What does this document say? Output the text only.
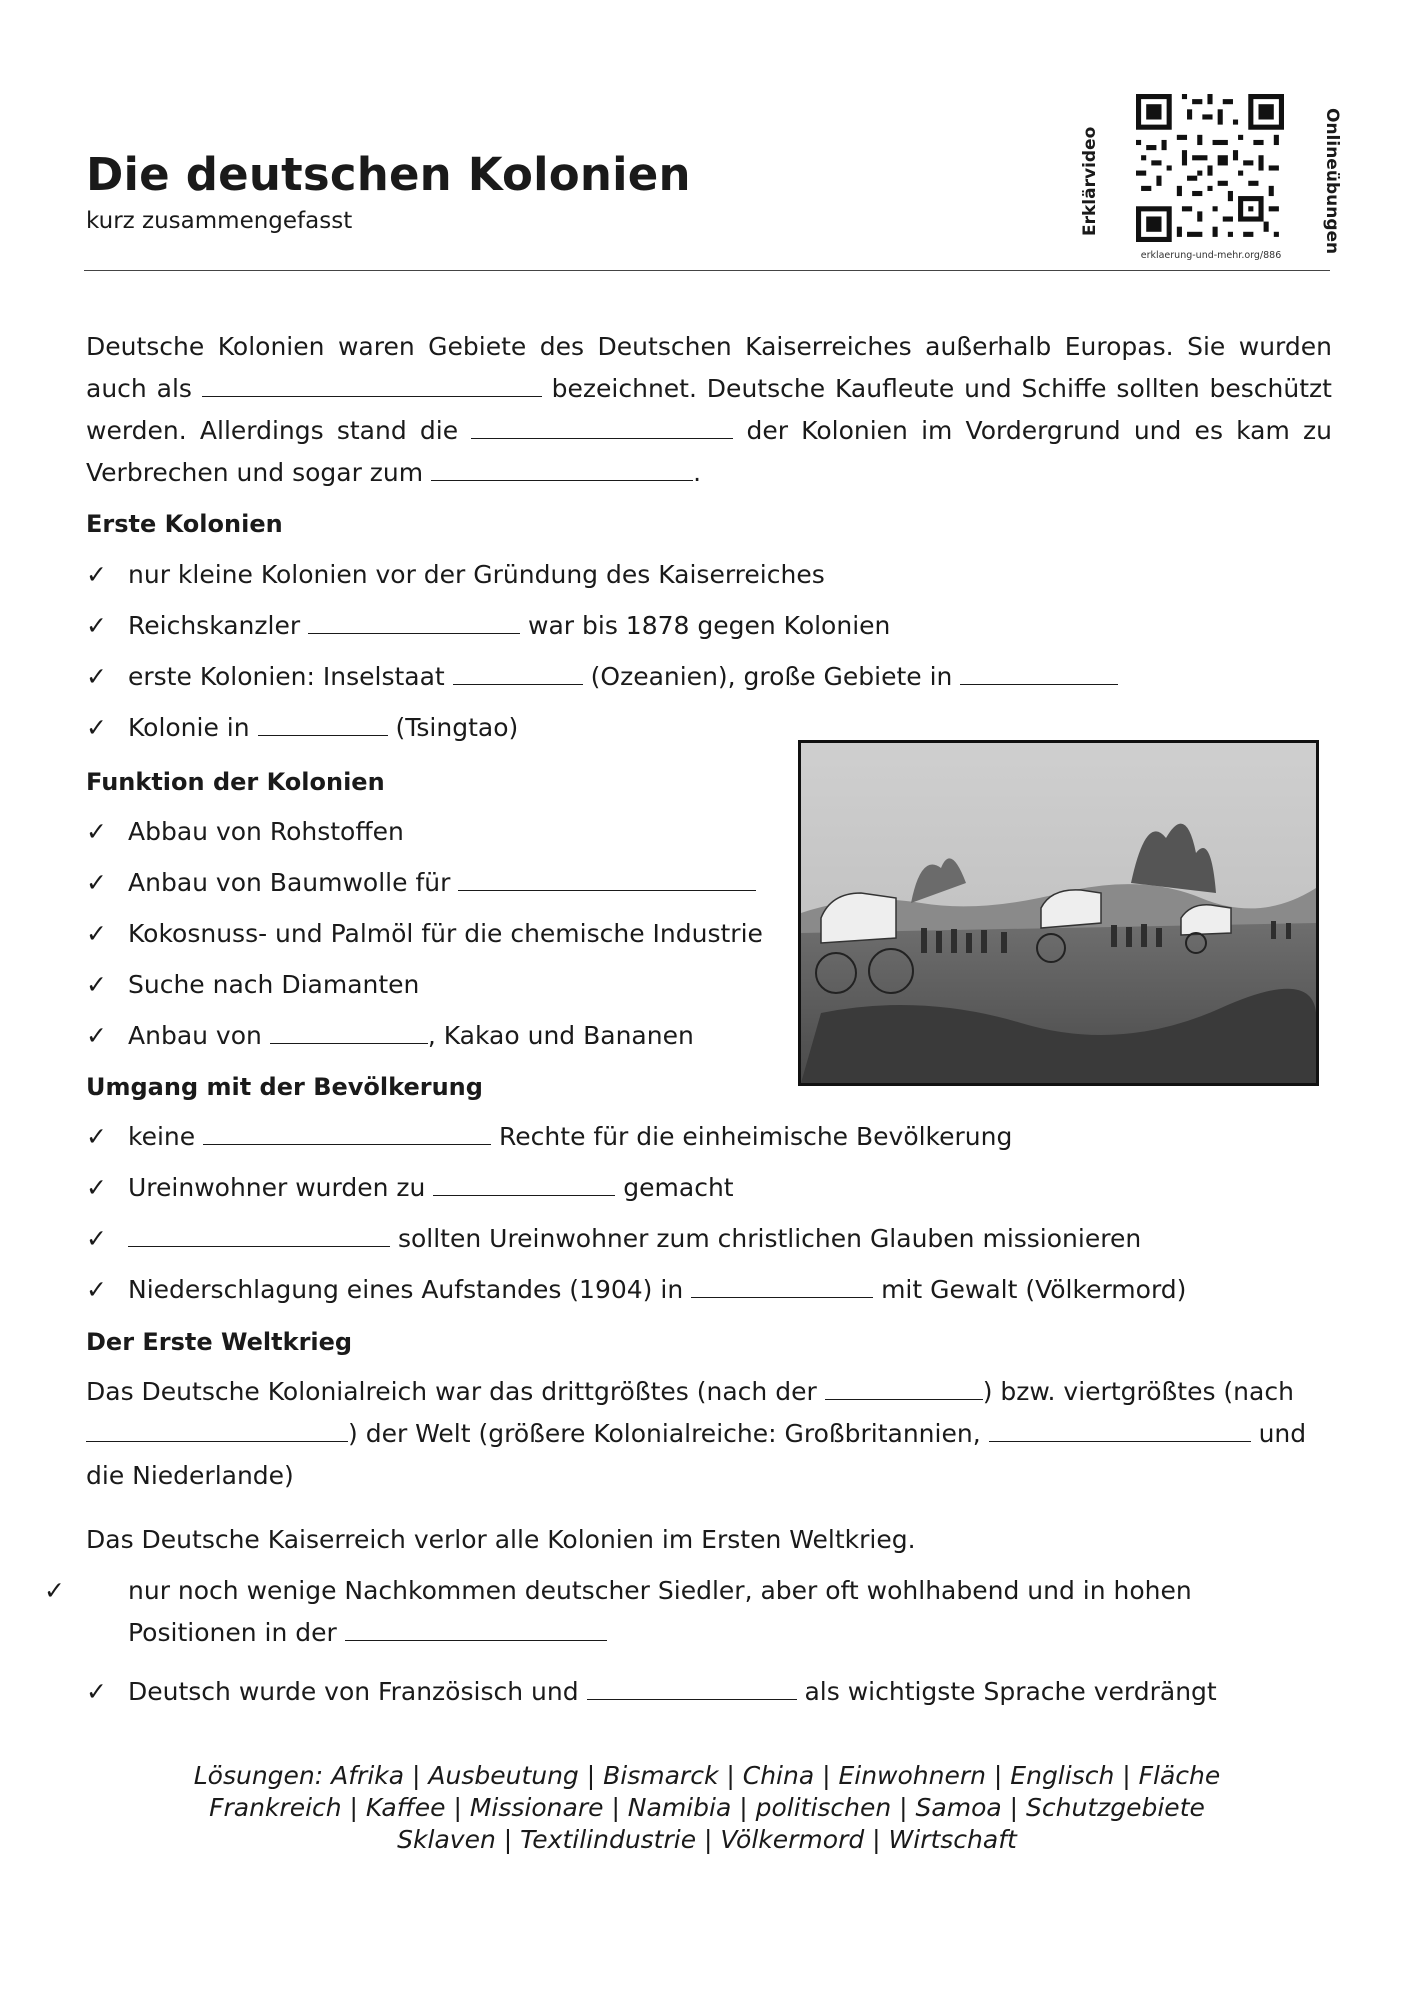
Die deutschen Kolonien
kurz zusammengefasst	Erklärvideo	Onlineübungen
erklaerung-und-mehr.org/886
Deutsche Kolonien waren Gebiete des Deutschen Kaiserreiches außerhalb Europas. Sie wurden auch als	bezeichnet. Deutsche Kaufleute und Schiffe sollten beschützt werden. Allerdings stand die	der Kolonien im Vordergrund und es kam zu Verbrechen und sogar zum	.
Erste Kolonien
✓ nur kleine Kolonien vor der Gründung des Kaiserreiches
✓ Reichskanzler	war bis 1878 gegen Kolonien
✓ erste Kolonien: Inselstaat	(Ozeanien), große Gebiete in
✓ Kolonie in	(Tsingtao)
Funktion der Kolonien
✓ Abbau von Rohstoffen
✓ Anbau von Baumwolle für
✓ Kokosnuss- und Palmöl für die chemische Industrie
✓ Suche nach Diamanten
✓ Anbau von	, Kakao und Bananen
Umgang mit der Bevölkerung
✓ keine	Rechte für die einheimische Bevölkerung
✓ Ureinwohner wurden zu	gemacht
✓	sollten Ureinwohner zum christlichen Glauben missionieren
✓ Niederschlagung eines Aufstandes (1904) in	mit Gewalt (Völkermord)
Der Erste Weltkrieg
Das Deutsche Kolonialreich war das drittgrößtes (nach der	) bzw. viertgrößtes (nach ) der Welt (größere Kolonialreiche: Großbritannien,	und die Niederlande)
Das Deutsche Kaiserreich verlor alle Kolonien im Ersten Weltkrieg.
✓	nur noch wenige Nachkommen deutscher Siedler, aber oft wohlhabend und in hohen Positionen in der
✓ Deutsch wurde von Französisch und	als wichtigste Sprache verdrängt
Lösungen: Afrika | Ausbeutung | Bismarck | China | Einwohnern | Englisch | Fläche
Frankreich | Kaffee | Missionare | Namibia | politischen | Samoa | Schutzgebiete
Sklaven | Textilindustrie | Völkermord | Wirtschaft
